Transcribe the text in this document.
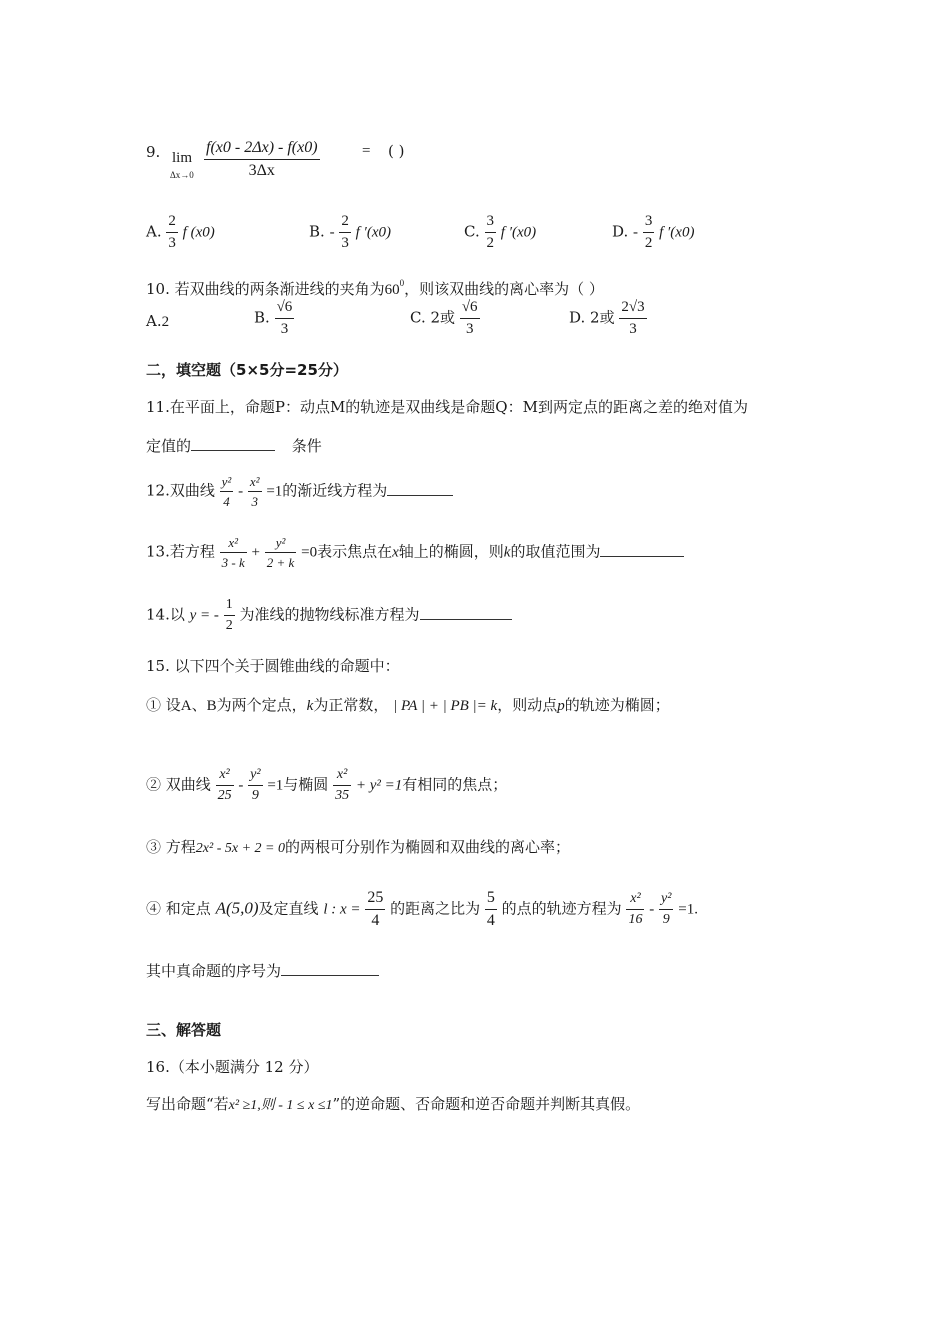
9. lim
$\Delta x\to 0 \frac{f(x0 - 2\Delta x) - f(x0)}{3\Delta x}$	= ( )
A. $\frac{2}{3}$ f (x0)	B. - $\frac{2}{3}$ f ′(x0)	C. $\frac{3}{2}$ f ′(x0)	D. - $\frac{3}{2}$ f ′(x0)
10. 若双曲线的两条渐进线的夹角为$60^0$，则该双曲线的离心率为（ ）
A.2	B. $\frac{√6}{3}$	C. 2或 $\frac{√6}{3}$	D. 2或 $\frac{2√3}{3}$
二，填空题（5×5分=25分）
11.在平面上，命题P：动点M的轨迹是双曲线是命题Q：M到两定点的距离之差的绝对值为
定值的	条件
12.双曲线 $\frac{\text{y²}}{4} - \frac{\text{x²}}{3} =1$的渐近线方程为
13.若方程 $\frac{\text{x²}}{3 - k} + \frac{\text{y²}}{2 + k} =0$表示焦点在x轴上的椭圆，则k的取值范围为
14.以 y = - $\frac{1}{2}$ 为准线的抛物线标准方程为
15. 以下四个关于圆锥曲线的命题中：
① 设A、B为两个定点，k为正常数， | PA | + | PB |= k，则动点p的轨迹为椭圆；
② 双曲线 $\frac{\text{x²}}{25} - \frac{\text{y²}}{9} =1$与椭圆 $\frac{\text{x²}}{35} + y^2 =1$有相同的焦点；
③ 方程2x² - 5x + 2 = 0的两根可分别作为椭圆和双曲线的离心率；
④ 和定点 A(5,0)及定直线 l : $x = \frac{25}{4}$ 的距离之比为 $\frac{5}{4}$ 的点的轨迹方程为 $\frac{\text{x²}}{16} - \frac{\text{y²}}{9} =1$.
其中真命题的序号为
三、解答题
16.（本小题满分 12 分）
写出命题“若x² ≥1,则 - 1 ≤ x ≤1”的逆命题、否命题和逆否命题并判断其真假。
